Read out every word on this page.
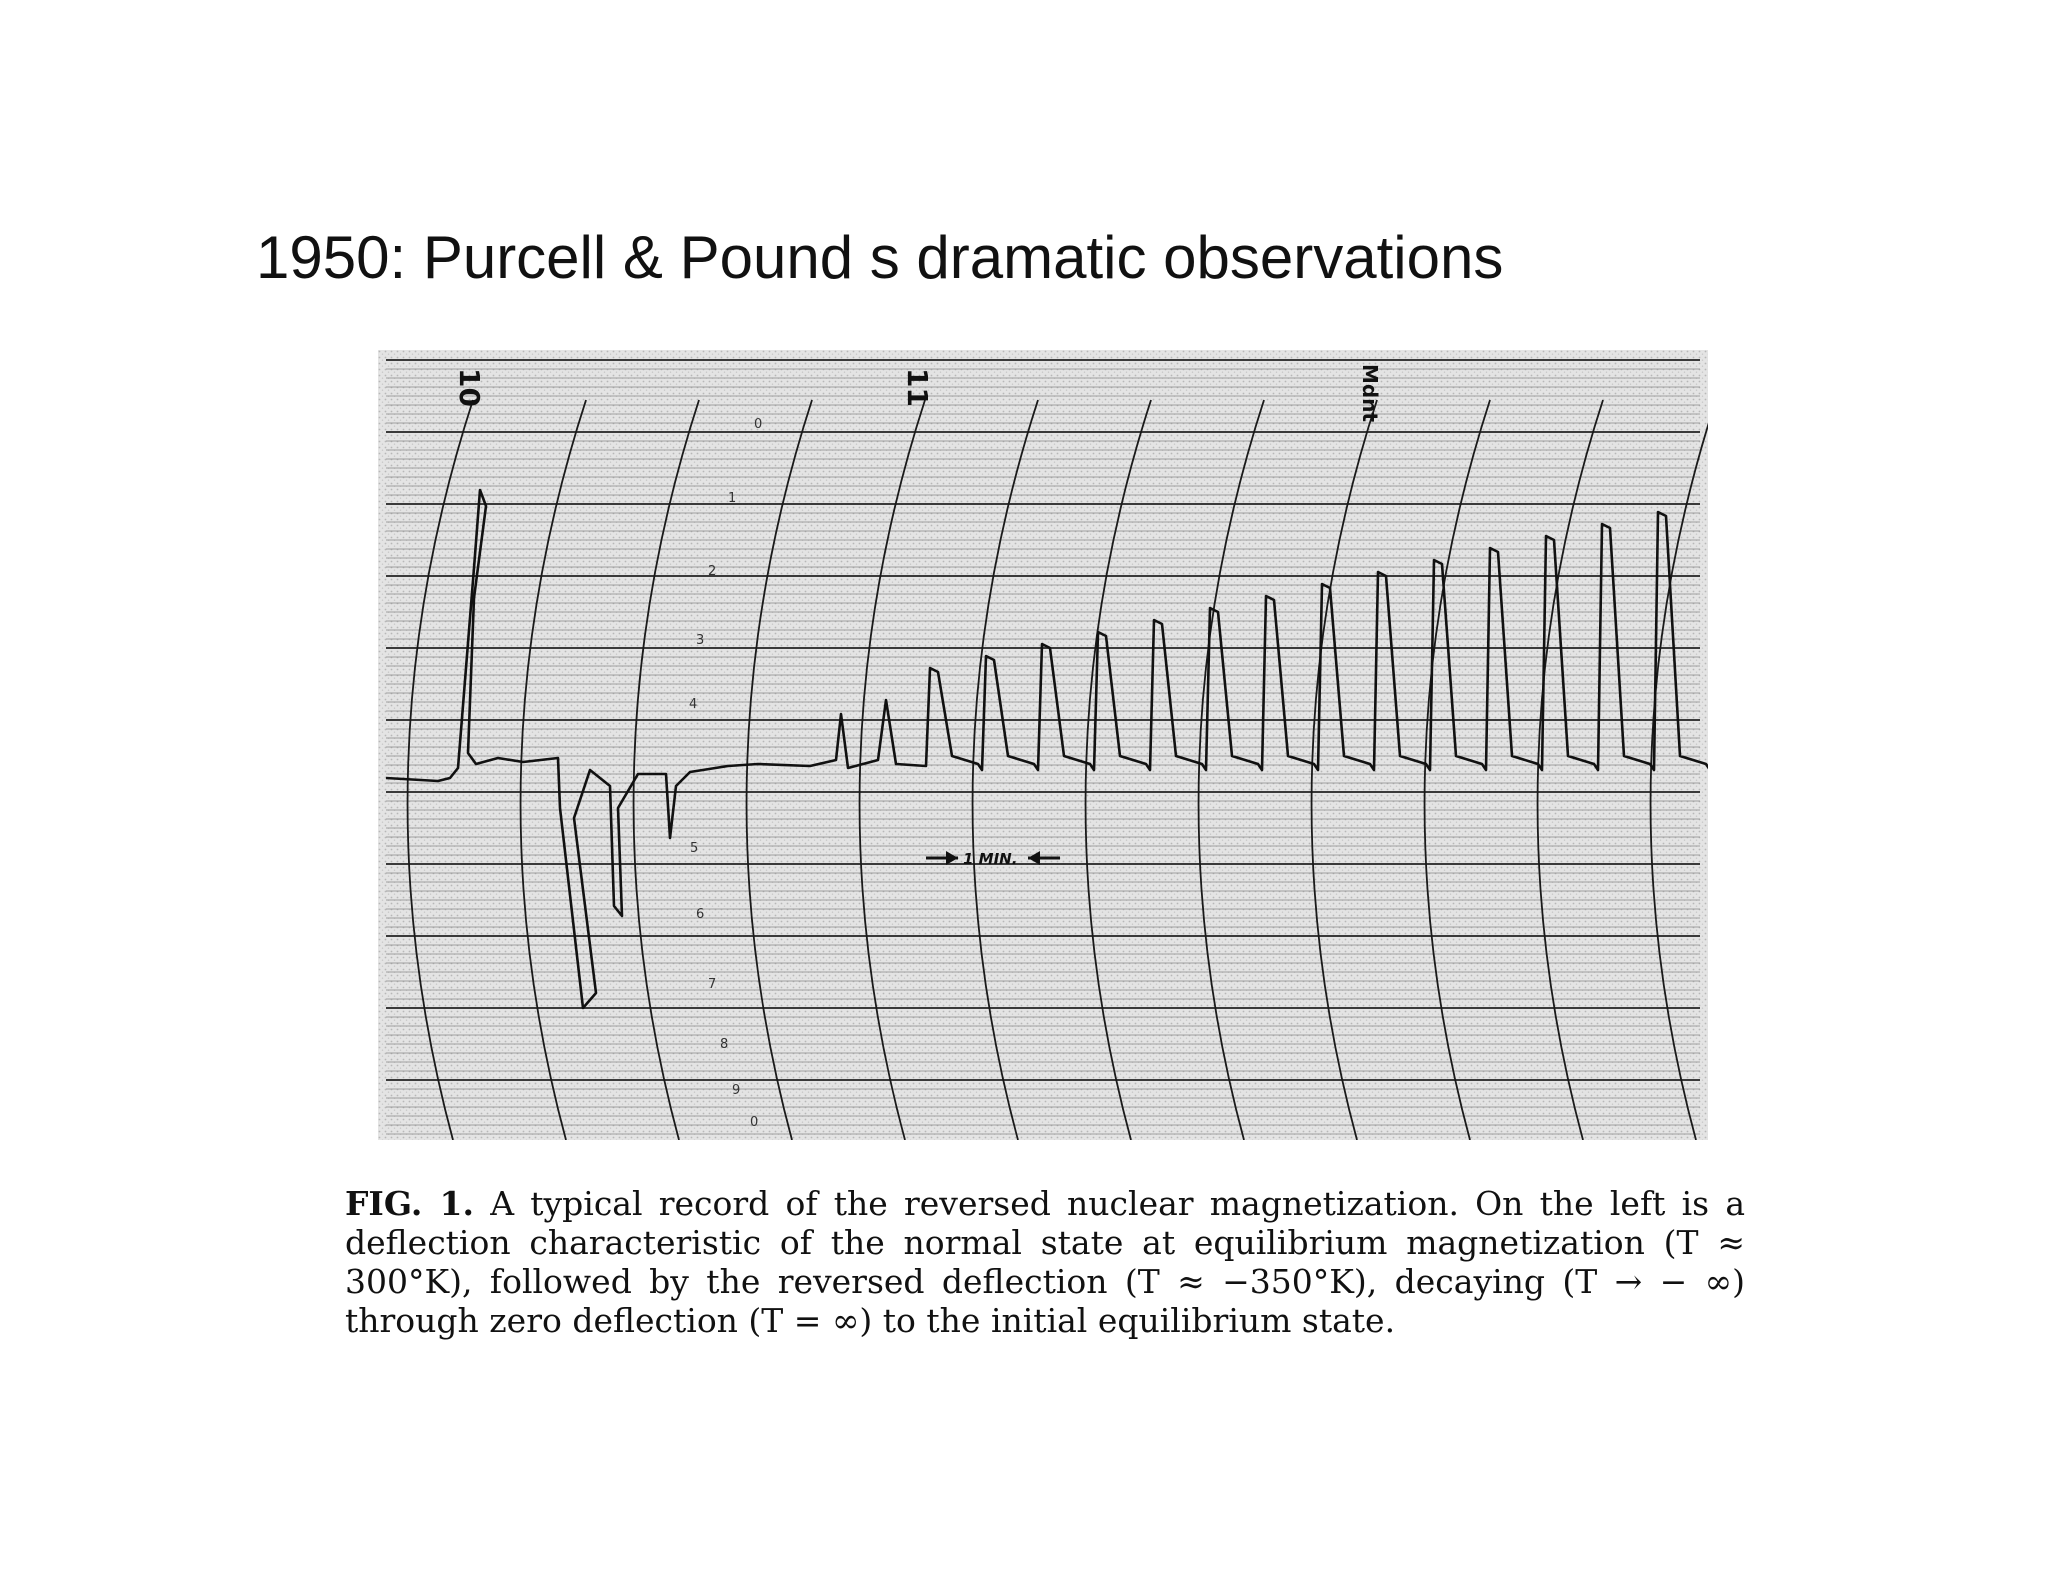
1950: Purcell & Pound s dramatic observations
10	11	Mdnt
0
1
2
3
4
5
6
7
8
9
0
1 MIN.

FIG. 1. A typical record of the reversed nuclear magnetization. On the left is a deflection characteristic of the normal state at equilibrium magnetization (T ≈ 300°K), followed by the reversed deflection (T ≈ −350°K), decaying (T → − ∞) through zero deflection (T = ∞) to the initial equilibrium state.
